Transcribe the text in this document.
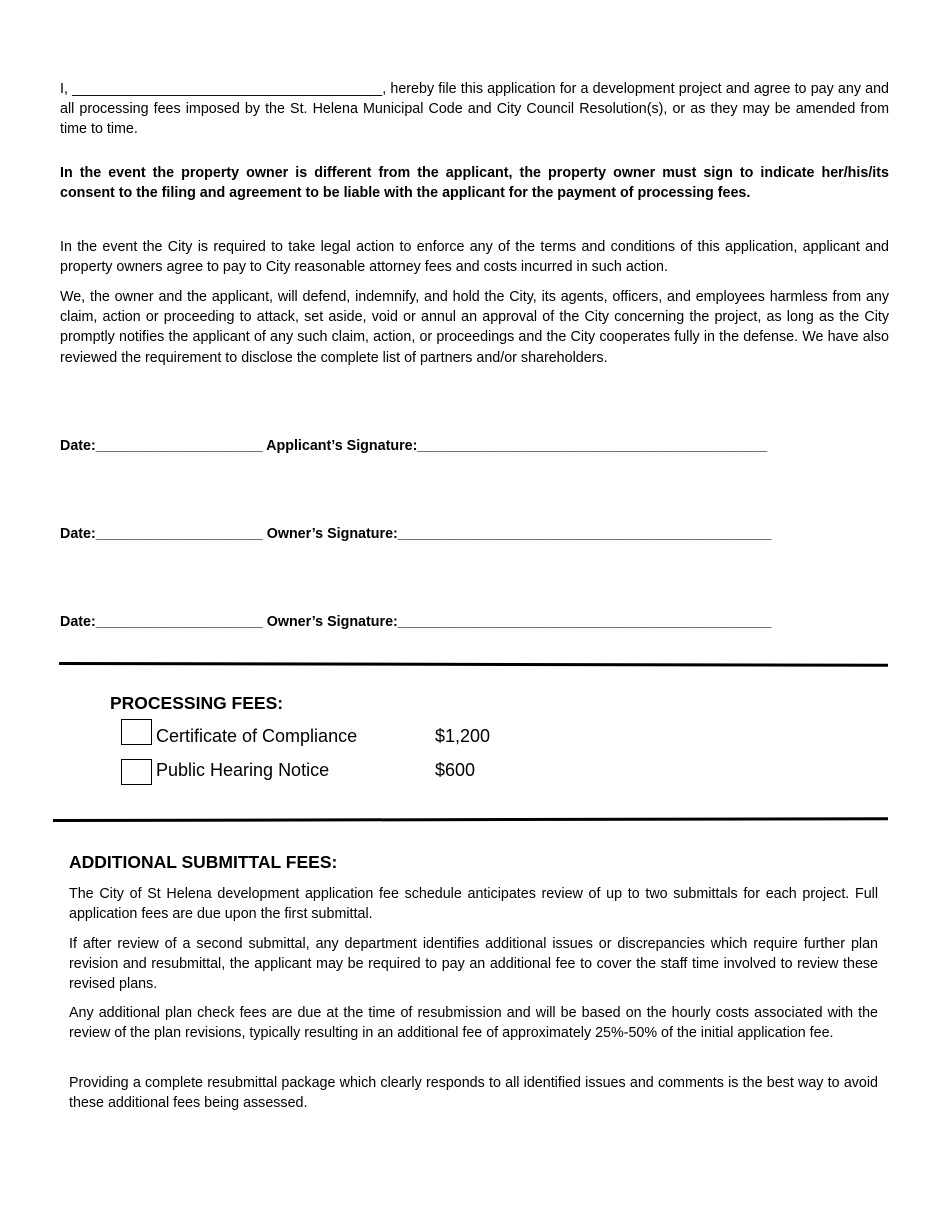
I, _______________________________________, hereby file this application for a development project and agree to pay any and all processing fees imposed by the St. Helena Municipal Code and City Council Resolution(s), or as they may be amended from time to time.

In the event the property owner is different from the applicant, the property owner must sign to indicate her/his/its consent to the filing and agreement to be liable with the applicant for the payment of processing fees.

In the event the City is required to take legal action to enforce any of the terms and conditions of this application, applicant and property owners agree to pay to City reasonable attorney fees and costs incurred in such action.

We, the owner and the applicant, will defend, indemnify, and hold the City, its agents, officers, and employees harmless from any claim, action or proceeding to attack, set aside, void or annul an approval of the City concerning the project, as long as the City promptly notifies the applicant of any such claim, action, or proceedings and the City cooperates fully in the defense. We have also reviewed the requirement to disclose the complete list of partners and/or shareholders.

Date:_____________________ Applicant’s Signature:____________________________________________
Date:_____________________ Owner’s Signature:_______________________________________________
Date:_____________________ Owner’s Signature:_______________________________________________
PROCESSING FEES:
Certificate of Compliance	$1,200
Public Hearing Notice	$600
ADDITIONAL SUBMITTAL FEES:

The City of St Helena development application fee schedule anticipates review of up to two submittals for each project. Full application fees are due upon the first submittal.

If after review of a second submittal, any department identifies additional issues or discrepancies which require further plan revision and resubmittal, the applicant may be required to pay an additional fee to cover the staff time involved to review these revised plans.

Any additional plan check fees are due at the time of resubmission and will be based on the hourly costs associated with the review of the plan revisions, typically resulting in an additional fee of approximately 25%-50% of the initial application fee.

Providing a complete resubmittal package which clearly responds to all identified issues and comments is the best way to avoid these additional fees being assessed.
